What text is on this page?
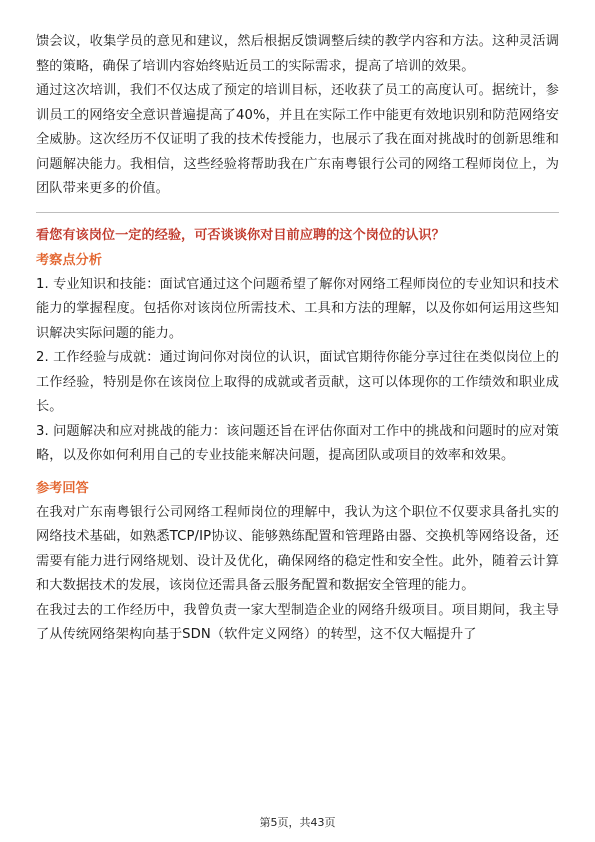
馈会议，收集学员的意见和建议，然后根据反馈调整后续的教学内容和方法。这种灵活调整的策略，确保了培训内容始终贴近员工的实际需求，提高了培训的效果。

通过这次培训，我们不仅达成了预定的培训目标，还收获了员工的高度认可。据统计，参训员工的网络安全意识普遍提高了40%，并且在实际工作中能更有效地识别和防范网络安全威胁。这次经历不仅证明了我的技术传授能力，也展示了我在面对挑战时的创新思维和问题解决能力。我相信，这些经验将帮助我在广东南粤银行公司的网络工程师岗位上，为团队带来更多的价值。

看您有该岗位一定的经验，可否谈谈你对目前应聘的这个岗位的认识？

考察点分析

1. 专业知识和技能：面试官通过这个问题希望了解你对网络工程师岗位的专业知识和技术能力的掌握程度。包括你对该岗位所需技术、工具和方法的理解，以及你如何运用这些知识解决实际问题的能力。

2. 工作经验与成就：通过询问你对岗位的认识，面试官期待你能分享过往在类似岗位上的工作经验，特别是你在该岗位上取得的成就或者贡献，这可以体现你的工作绩效和职业成长。

3. 问题解决和应对挑战的能力：该问题还旨在评估你面对工作中的挑战和问题时的应对策略，以及你如何利用自己的专业技能来解决问题，提高团队或项目的效率和效果。

参考回答

在我对广东南粤银行公司网络工程师岗位的理解中，我认为这个职位不仅要求具备扎实的网络技术基础，如熟悉TCP/IP协议、能够熟练配置和管理路由器、交换机等网络设备，还需要有能力进行网络规划、设计及优化，确保网络的稳定性和安全性。此外，随着云计算和大数据技术的发展，该岗位还需具备云服务配置和数据安全管理的能力。

在我过去的工作经历中，我曾负责一家大型制造企业的网络升级项目。项目期间，我主导了从传统网络架构向基于SDN（软件定义网络）的转型，这不仅大幅提升了

第5页，共43页
